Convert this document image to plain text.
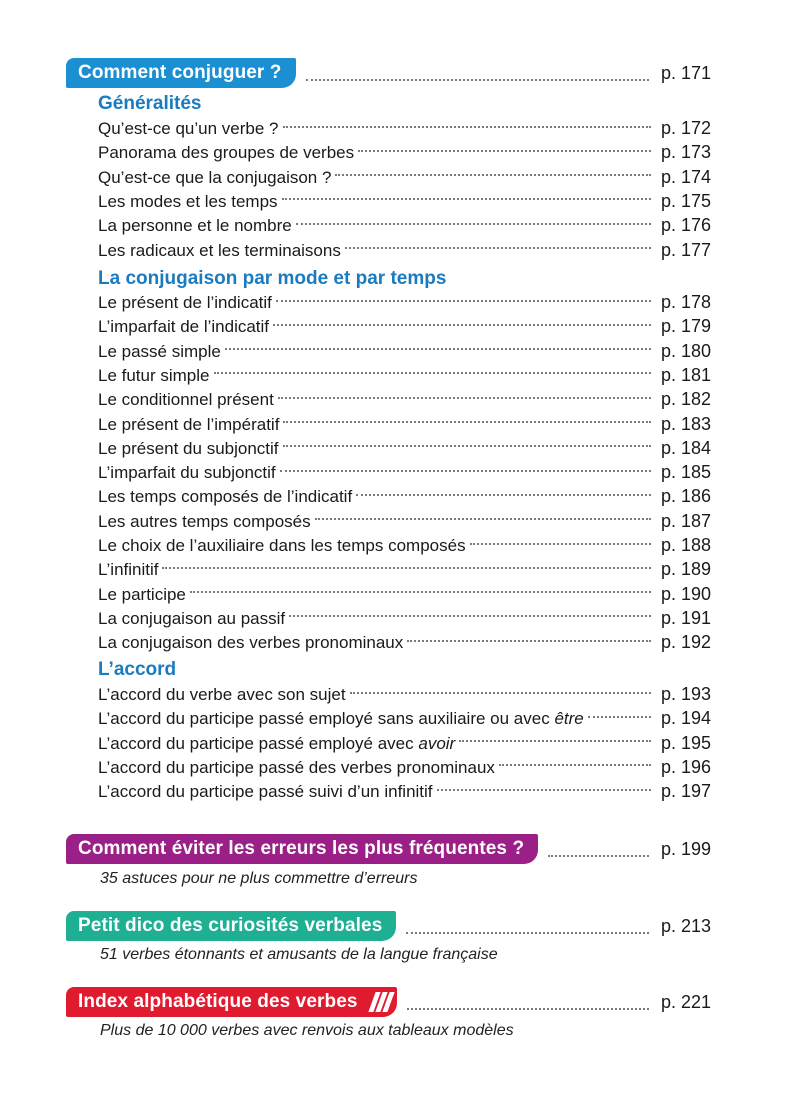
Comment conjuguer ?	p. 171
Généralités
Qu’est-ce qu’un verbe ?	p. 172
Panorama des groupes de verbes	p. 173
Qu’est-ce que la conjugaison ?	p. 174
Les modes et les temps	p. 175
La personne et le nombre	p. 176
Les radicaux et les terminaisons	p. 177
La conjugaison par mode et par temps
Le présent de l’indicatif	p. 178
L’imparfait de l’indicatif	p. 179
Le passé simple	p. 180
Le futur simple	p. 181
Le conditionnel présent	p. 182
Le présent de l’impératif	p. 183
Le présent du subjonctif	p. 184
L’imparfait du subjonctif	p. 185
Les temps composés de l’indicatif	p. 186
Les autres temps composés	p. 187
Le choix de l’auxiliaire dans les temps composés	p. 188
L’infinitif	p. 189
Le participe	p. 190
La conjugaison au passif	p. 191
La conjugaison des verbes pronominaux	p. 192
L’accord
L’accord du verbe avec son sujet	p. 193
L’accord du participe passé employé sans auxiliaire ou avec être	p. 194
L’accord du participe passé employé avec avoir	p. 195
L’accord du participe passé des verbes pronominaux	p. 196
L’accord du participe passé suivi d’un infinitif	p. 197
Comment éviter les erreurs les plus fréquentes ?	p. 199
35 astuces pour ne plus commettre d’erreurs
Petit dico des curiosités verbales	p. 213
51 verbes étonnants et amusants de la langue française
Index alphabétique des verbes	p. 221
Plus de 10 000 verbes avec renvois aux tableaux modèles
